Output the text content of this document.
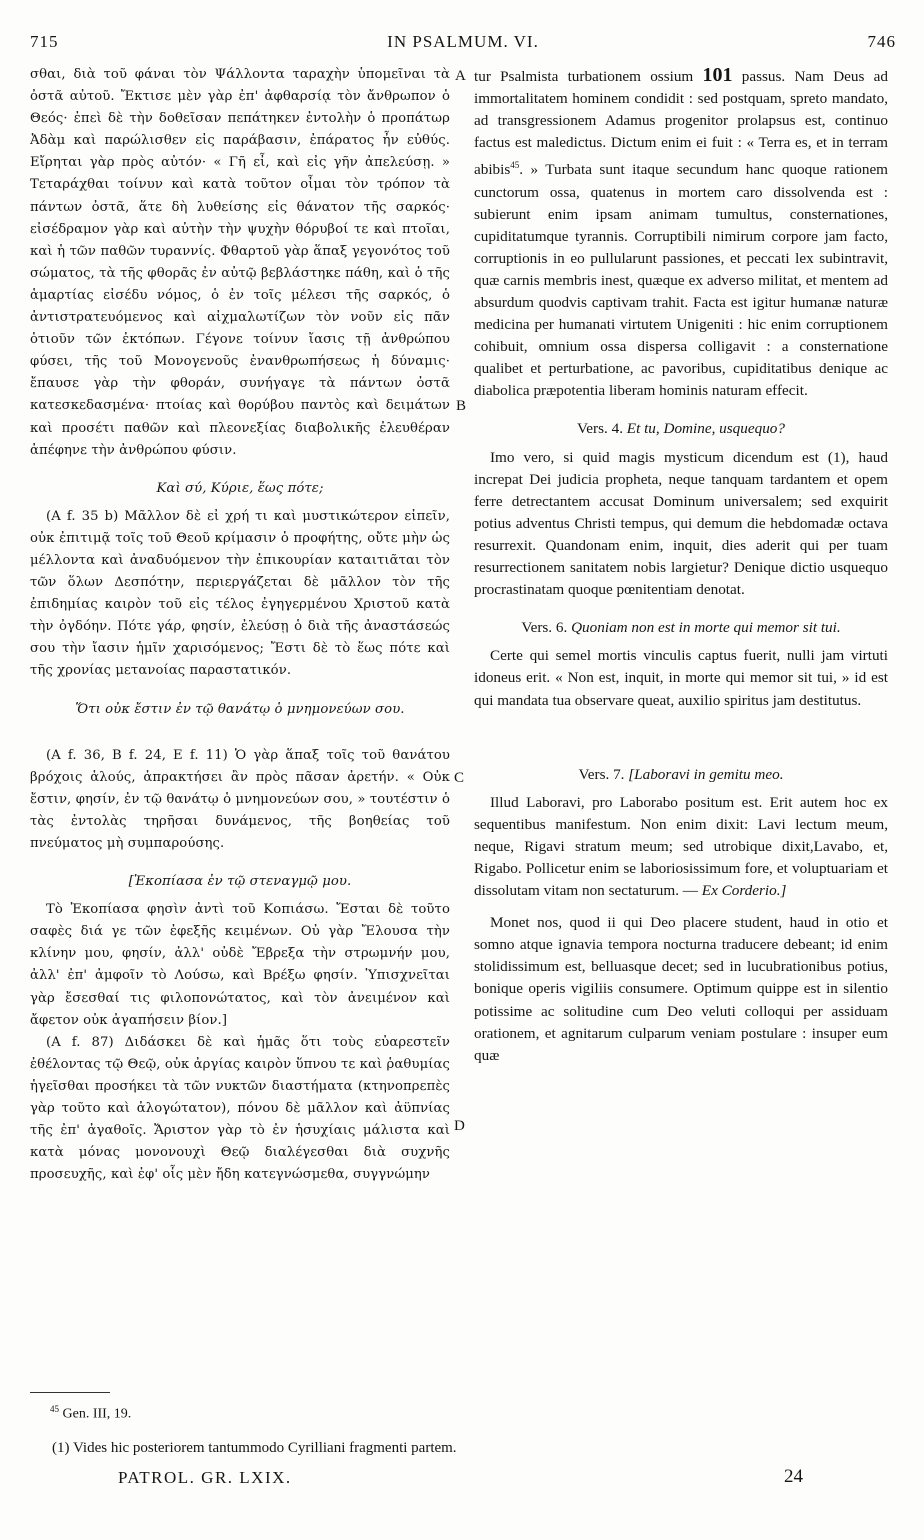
715	IN PSALMUM. VI.	746
A
B
C
D

σθαι, διὰ τοῦ φάναι τὸν Ψάλλοντα ταραχὴν ὑπομεῖναι τὰ ὀστᾶ αὐτοῦ. Ἔκτισε μὲν γὰρ ἐπ' ἀφθαρσίᾳ τὸν ἄνθρωπον ὁ Θεός· ἐπεὶ δὲ τὴν δοθεῖσαν πεπάτηκεν ἐντολὴν ὁ προπάτωρ Ἀδὰμ καὶ παρώλισθεν εἰς παράβασιν, ἐπάρατος ἦν εὐθύς. Εἴρηται γὰρ πρὸς αὐτόν· « Γῆ εἶ, καὶ εἰς γῆν ἀπελεύσῃ. » Τεταράχθαι τοίνυν καὶ κατὰ τοῦτον οἶμαι τὸν τρόπον τὰ πάντων ὀστᾶ, ἅτε δὴ λυθείσης εἰς θάνατον τῆς σαρκός· εἰσέδραμον γὰρ καὶ αὐτὴν τὴν ψυχὴν θόρυβοί τε καὶ πτοῖαι, καὶ ἡ τῶν παθῶν τυραννίς. Φθαρτοῦ γὰρ ἅπαξ γεγονότος τοῦ σώματος, τὰ τῆς φθορᾶς ἐν αὐτῷ βεβλάστηκε πάθη, καὶ ὁ τῆς ἁμαρτίας εἰσέδυ νόμος, ὁ ἐν τοῖς μέλεσι τῆς σαρκός, ὁ ἀντιστρατευόμενος καὶ αἰχμαλωτίζων τὸν νοῦν εἰς πᾶν ὁτιοῦν τῶν ἐκτόπων. Γέγονε τοίνυν ἴασις τῇ ἀνθρώπου φύσει, τῆς τοῦ Μονογενοῦς ἐνανθρωπήσεως ἡ δύναμις· ἔπαυσε γὰρ τὴν φθοράν, συνήγαγε τὰ πάντων ὀστᾶ κατεσκεδασμένα· πτοίας καὶ θορύβου παντὸς καὶ δειμάτων καὶ προσέτι παθῶν καὶ πλεονεξίας διαβολικῆς ἐλευθέραν ἀπέφηνε τὴν ἀνθρώπου φύσιν.

Καὶ σύ, Κύριε, ἕως πότε;

(A f. 35 b) Μᾶλλον δὲ εἰ χρή τι καὶ μυστικώτερον εἰπεῖν, οὐκ ἐπιτιμᾷ τοῖς τοῦ Θεοῦ κρίμασιν ὁ προφήτης, οὔτε μὴν ὡς μέλλοντα καὶ ἀναδυόμενον τὴν ἐπικουρίαν καταιτιᾶται τὸν τῶν ὅλων Δεσπότην, περιεργάζεται δὲ μᾶλλον τὸν τῆς ἐπιδημίας καιρὸν τοῦ εἰς τέλος ἐγηγερμένου Χριστοῦ κατὰ τὴν ὀγδόην. Πότε γάρ, φησίν, ἐλεύσῃ ὁ διὰ τῆς ἀναστάσεώς σου τὴν ἴασιν ἡμῖν χαρισόμενος; Ἔστι δὲ τὸ ἕως πότε καὶ τῆς χρονίας μετανοίας παραστατικόν.

Ὅτι οὐκ ἔστιν ἐν τῷ θανάτῳ ὁ μνημονεύων σου.

(A f. 36, B f. 24, E f. 11) Ὁ γὰρ ἅπαξ τοῖς τοῦ θανάτου βρόχοις ἁλούς, ἀπρακτήσει ἂν πρὸς πᾶσαν ἀρετήν. « Οὐκ ἔστιν, φησίν, ἐν τῷ θανάτῳ ὁ μνημονεύων σου, » τουτέστιν ὁ τὰς ἐντολὰς τηρῆσαι δυνάμενος, τῆς βοηθείας τοῦ πνεύματος μὴ συμπαρούσης.

[Ἐκοπίασα ἐν τῷ στεναγμῷ μου.

Τὸ Ἐκοπίασα φησὶν ἀντὶ τοῦ Κοπιάσω. Ἔσται δὲ τοῦτο σαφὲς διά γε τῶν ἐφεξῆς κειμένων. Οὐ γὰρ Ἔλουσα τὴν κλίνην μου, φησίν, ἀλλ' οὐδὲ Ἔβρεξα τὴν στρωμνήν μου, ἀλλ' ἐπ' ἀμφοῖν τὸ Λούσω, καὶ Βρέξω φησίν. Ὑπισχνεῖται γὰρ ἔσεσθαί τις φιλοπονώτατος, καὶ τὸν ἀνειμένον καὶ ἄφετον οὐκ ἀγαπήσειν βίον.]

(A f. 87) Διδάσκει δὲ καὶ ἡμᾶς ὅτι τοὺς εὐαρεστεῖν ἐθέλοντας τῷ Θεῷ, οὐκ ἀργίας καιρὸν ὕπνου τε καὶ ῥαθυμίας ἡγεῖσθαι προσήκει τὰ τῶν νυκτῶν διαστήματα (κτηνοπρεπὲς γὰρ τοῦτο καὶ ἀλογώτατον), πόνου δὲ μᾶλλον καὶ ἀϋπνίας τῆς ἐπ' ἀγαθοῖς. Ἄριστον γὰρ τὸ ἐν ἡσυχίαις μάλιστα καὶ κατὰ μόνας μονονουχὶ Θεῷ διαλέγεσθαι διὰ συχνῆς προσευχῆς, καὶ ἐφ' οἷς μὲν ἤδη κατεγνώσμεθα, συγγνώμην

tur Psalmista turbationem ossium 101 passus. Nam Deus ad immortalitatem hominem condidit : sed postquam, spreto mandato, ad transgressionem Adamus progenitor prolapsus est, continuo factus est maledictus. Dictum enim ei fuit : « Terra es, et in terram abibis$^{45}$. » Turbata sunt itaque secundum hanc quoque rationem cunctorum ossa, quatenus in mortem caro dissolvenda est : subierunt enim ipsam animam tumultus, consternationes, cupiditatumque tyrannis. Corruptibili nimirum corpore jam facto, corruptionis in eo pullularunt passiones, et peccati lex subintravit, quæ carnis membris inest, quæque ex adverso militat, et mentem ad absurdum quodvis captivam trahit. Facta est igitur humanæ naturæ medicina per humanati virtutem Unigeniti : hic enim corruptionem cohibuit, omnium ossa dispersa colligavit : a consternatione qualibet et perturbatione, ac pavoribus, cupiditatibus denique ac diabolica præpotentia liberam hominis naturam effecit.

Vers. 4. Et tu, Domine, usquequo?

Imo vero, si quid magis mysticum dicendum est (1), haud increpat Dei judicia propheta, neque tanquam tardantem et opem ferre detrectantem accusat Dominum universalem; sed exquirit potius adventus Christi tempus, qui demum die hebdomadæ octava resurrexit. Quandonam enim, inquit, dies aderit qui per tuam resurrectionem sanitatem nobis largietur? Denique dictio usquequo procrastinatam quoque pœnitentiam denotat.

Vers. 6. Quoniam non est in morte qui memor sit tui.

Certe qui semel mortis vinculis captus fuerit, nulli jam virtuti idoneus erit. « Non est, inquit, in morte qui memor sit tui, » id est qui mandata tua observare queat, auxilio spiritus jam destitutus.

Vers. 7. [Laboravi in gemitu meo.

Illud Laboravi, pro Laborabo positum est. Erit autem hoc ex sequentibus manifestum. Non enim dixit: Lavi lectum meum, neque, Rigavi stratum meum; sed utrobique dixit,Lavabo, et, Rigabo. Pollicetur enim se laboriosissimum fore, et voluptuariam et dissolutam vitam non sectaturum. — Ex Corderio.]

Monet nos, quod ii qui Deo placere student, haud in otio et somno atque ignavia tempora nocturna traducere debeant; id enim stolidissimum est, belluasque decet; sed in lucubrationibus potius, bonique operis vigiliis consumere. Optimum quippe est in silentio potissime ac solitudine cum Deo veluti colloqui per assiduam orationem, et agnitarum culparum veniam postulare : insuper eum quæ

$^{45}$ Gen. III, 19.
(1) Vides hic posteriorem tantummodo Cyrilliani fragmenti partem.
PATROL. GR. LXIX.	24
